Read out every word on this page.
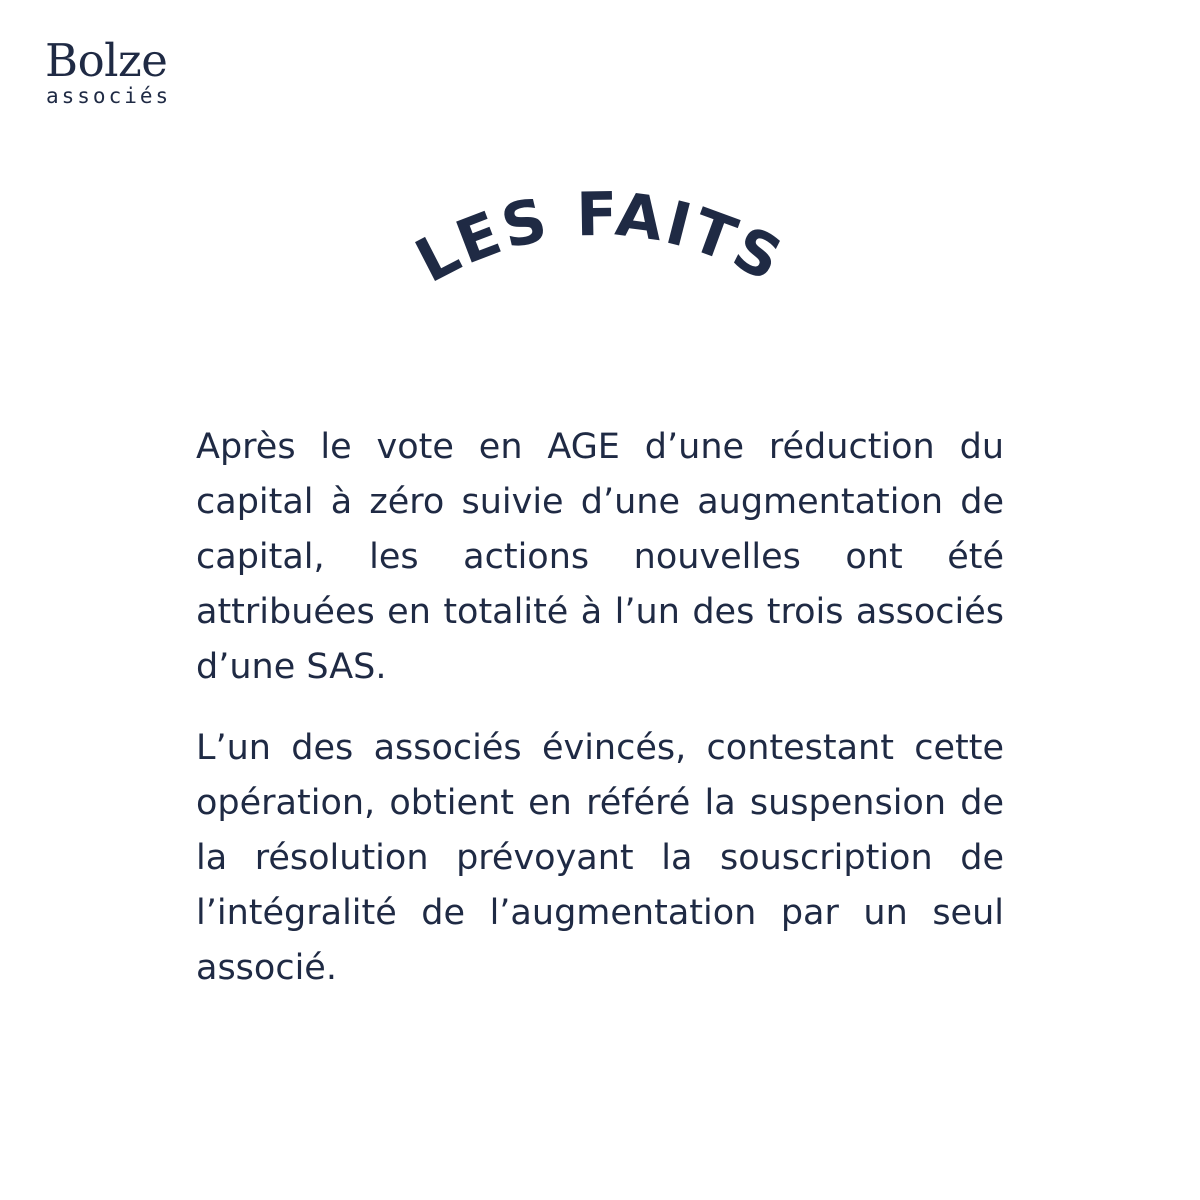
Bolze
associés
LES FAITS

Après le vote en AGE d’une réduction du capital à zéro suivie d’une augmentation de capital, les actions nouvelles ont été attribuées en totalité à l’un des trois associés d’une SAS.

L’un des associés évincés, contestant cette opération, obtient en référé la suspension de la résolution prévoyant la souscription de l’intégralité de l’augmentation par un seul associé.
